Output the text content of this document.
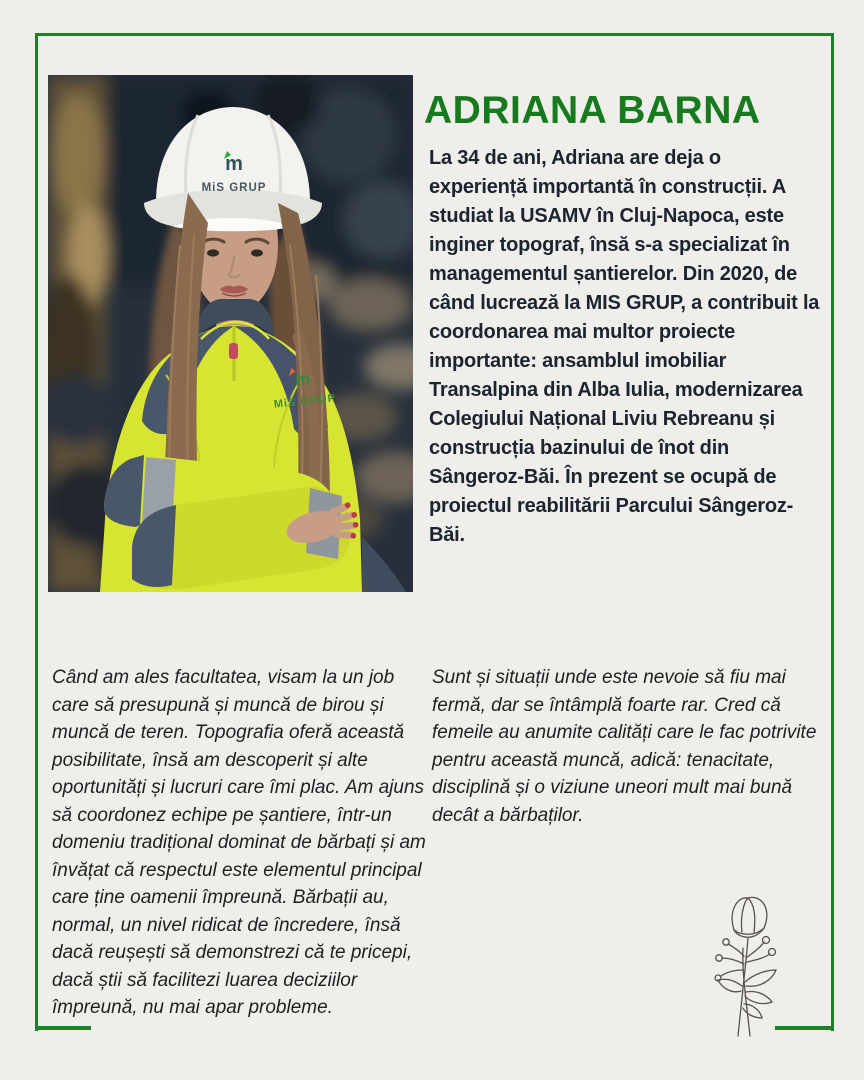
m
MiS GRUP
m
MiS GRUP
ADRIANA BARNA

La 34 de ani, Adriana are deja o experiență importantă în construcții. A studiat la USAMV în Cluj-Napoca, este inginer topograf, însă s-a specializat în managementul șantierelor. Din 2020, de când lucrează la MIS GRUP, a contribuit la coordonarea mai multor proiecte importante: ansamblul imobiliar Transalpina din Alba Iulia, modernizarea Colegiului Național Liviu Rebreanu și construcția bazinului de înot din Sângeroz-Băi. În prezent se ocupă de proiectul reabilitării Parcului Sângeroz-Băi.

Când am ales facultatea, visam la un job care să presupună și muncă de birou și muncă de teren. Topografia oferă această posibilitate, însă am descoperit și alte oportunități și lucruri care îmi plac. Am ajuns să coordonez echipe pe șantiere, într-un domeniu tradițional dominat de bărbați și am învățat că respectul este elementul principal care ține oamenii împreună. Bărbații au, normal, un nivel ridicat de încredere, însă dacă reușești să demonstrezi că te pricepi, dacă știi să facilitezi luarea deciziilor împreună, nu mai apar probleme.

Sunt și situații unde este nevoie să fiu mai fermă, dar se întâmplă foarte rar. Cred că femeile au anumite calități care le fac potrivite pentru această muncă, adică: tenacitate, disciplină și o viziune uneori mult mai bună decât a bărbaților.
